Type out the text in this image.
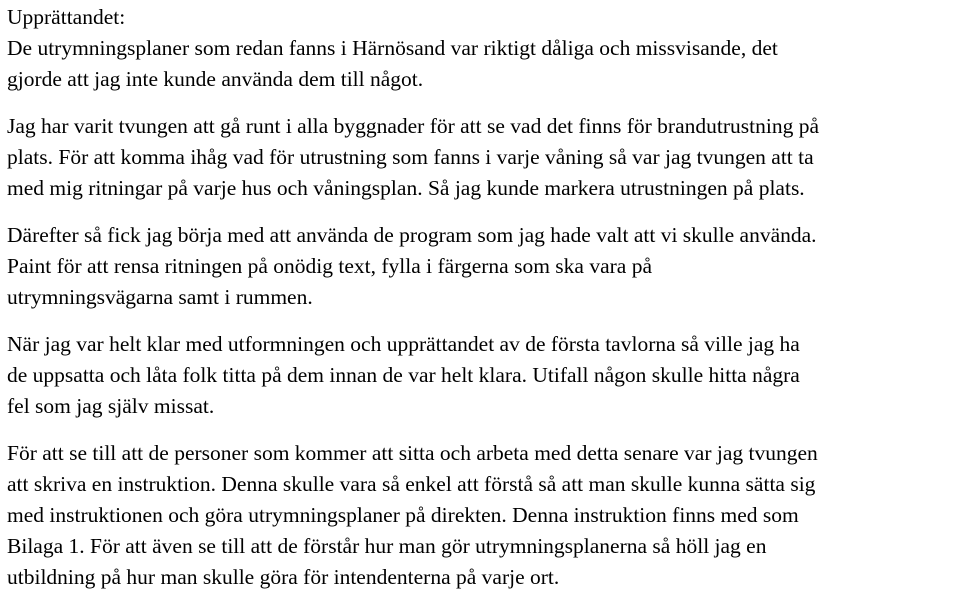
Upprättandet:
De utrymningsplaner som redan fanns i Härnösand var riktigt dåliga och missvisande, det
gjorde att jag inte kunde använda dem till något.
Jag har varit tvungen att gå runt i alla byggnader för att se vad det finns för brandutrustning på
plats. För att komma ihåg vad för utrustning som fanns i varje våning så var jag tvungen att ta
med mig ritningar på varje hus och våningsplan. Så jag kunde markera utrustningen på plats.
Därefter så fick jag börja med att använda de program som jag hade valt att vi skulle använda.
Paint för att rensa ritningen på onödig text, fylla i färgerna som ska vara på
utrymningsvägarna samt i rummen.
När jag var helt klar med utformningen och upprättandet av de första tavlorna så ville jag ha
de uppsatta och låta folk titta på dem innan de var helt klara. Utifall någon skulle hitta några
fel som jag själv missat.
För att se till att de personer som kommer att sitta och arbeta med detta senare var jag tvungen
att skriva en instruktion. Denna skulle vara så enkel att förstå så att man skulle kunna sätta sig
med instruktionen och göra utrymningsplaner på direkten. Denna instruktion finns med som
Bilaga 1. För att även se till att de förstår hur man gör utrymningsplanerna så höll jag en
utbildning på hur man skulle göra för intendenterna på varje ort.
